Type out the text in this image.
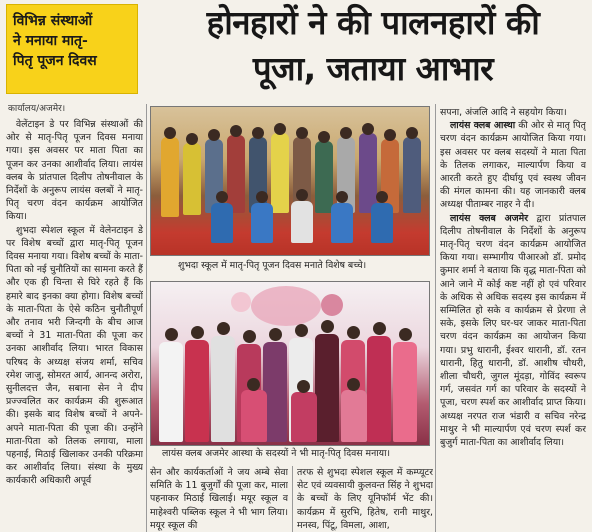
विभिन्न संस्थाओं
ने मनाया मातृ-
पितृ पूजन दिवस
होनहारों ने की पालनहारों की
पूजा, जताया आभार
कार्यालय/अजमेर।

वेलेंटाइन डे पर विभिन्न संस्थाओं की ओर से मातृ-पितृ पूजन दिवस मनाया गया। इस अवसर पर माता पिता का पूजन कर उनका आशीर्वाद लिया। लायंस क्लब के प्रांतपाल दिलीप तोषनीवाल के निर्देशों के अनुरूप लायंस क्लबों ने मातृ-पितृ चरण वंदन कार्यक्रम आयोजित किया।

शुभदा स्पेशल स्कूल में वेलेनटाइन डे पर विशेष बच्चों द्वारा मातृ-पितृ पूजन दिवस मनाया गया। विशेष बच्चों के माता-पिता को नई चुनौतियों का सामना करते हैं और एक ही चिन्ता से घिरे रहते हैं कि हमारे बाद इनका क्या होगा। विशेष बच्चों के माता-पिता के ऐसे कठिन चुनौतीपूर्ण और तनाव भरी जिन्दगी के बीच आज बच्चों ने 31 माता-पिता की पूजा कर उनका आशीर्वाद लिया। भारत विकास परिषद के अध्यक्ष संजय शर्मा, सचिव रमेश जाजु, सोमरत आर्य, आनन्द अरोरा, सुनीलदत्त जैन, सबाना सेन ने दीप प्रज्ज्वलित कर कार्यक्रम की शुरूआत की। इसके बाद विशेष बच्चों ने अपने-अपने माता-पिता की पूजा की। उन्होंने माता-पिता को तिलक लगाया, माला पहनाई, मिठाई खिलाकर उनकी परिक्रमा कर आशीर्वाद लिया। संस्था के मुख्य कार्यकारी अधिकारी अपूर्व

शुभदा स्कूल में मातृ-पितृ पूजन दिवस मनाते विशेष बच्चे।
लायंस क्लब अजमेर आस्था के सदस्यों ने भी मातृ-पितृ दिवस मनाया।
सेन और कार्यकर्ताओं ने जय अम्बे सेवा समिति के 11 बुजुर्गों की पूजा कर, माला पहनाकर मिठाई खिलाई। मयूर स्कूल व माहेश्वरी पब्लिक स्कूल ने भी भाग लिया। मयूर स्कूल की
तरफ से शुभदा स्पेशल स्कूल में कम्प्यूटर सेट एवं व्यवसायी कुलवन्त सिंह ने शुभदा के बच्चों के लिए यूनिफॉर्म भेंट की। कार्यक्रम में सुरभि, हितेष, रानी माथुर, मनस्व, पिंटू, विमला, आशा,

सपना, अंजलि आदि ने सहयोग किया।

लायंस क्लब आस्था की ओर से मातृ पितृ चरण वंदन कार्यक्रम आयोजित किया गया। इस अवसर पर क्लब सदस्यों ने माता पिता के तिलक लगाकर, माल्यार्पण किया व आरती करते हुए दीर्घायु एवं स्वस्थ जीवन की मंगल कामना की। यह जानकारी क्लब अध्यक्ष पीताम्बर नाहर ने दी।

लायंस क्लब अजमेर द्वारा प्रांतपाल दिलीप तोषनीवाल के निर्देशों के अनुरूप मातृ-पितृ चरण वंदन कार्यक्रम आयोजित किया गया। सम्भागीय पीआरओ डॉ. प्रमोद कुमार शर्मा ने बताया कि वृद्ध माता-पिता को आने जाने में कोई कष्ट नहीं हो एवं परिवार के अधिक से अधिक सदस्य इस कार्यक्रम में सम्मिलित हो सके व कार्यक्रम से प्रेरणा ले सके, इसके लिए घर-घर जाकर माता-पिता चरण वंदन कार्यक्रम का आयोजन किया गया। प्रभु धारानी, ईश्वर धारानी, डॉ. रतन धारानी, हितु धारानी, डॉ. आशीष चौधरी, शीला चौधरी, जुगल मूंदड़ा, गोविंद स्वरूप गर्ग, जसवंत गर्ग का परिवार के सदस्यों ने पूजा, चरण स्पर्श कर आशीर्वाद प्राप्त किया। अध्यक्ष नरपत राज भंडारी व सचिव नरेन्द्र माथुर ने भी माल्यार्पण एवं चरण स्पर्श कर बुजुर्ग माता-पिता का आशीर्वाद लिया।
